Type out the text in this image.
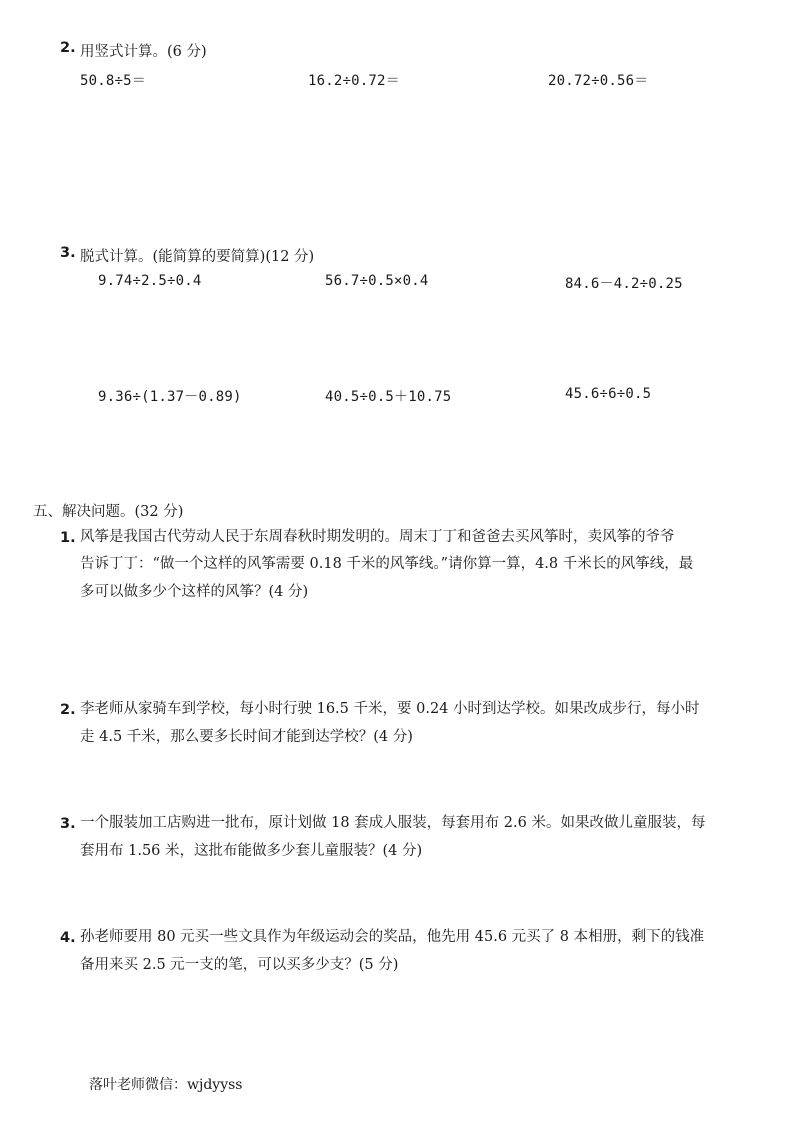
2. 用竖式计算。(6 分)
50.8÷5＝	16.2÷0.72＝	20.72÷0.56＝
3. 脱式计算。(能简算的要简算)(12 分)
9.74÷2.5÷0.4	56.7÷0.5×0.4	84.6－4.2÷0.25
9.36÷(1.37－0.89)	40.5÷0.5＋10.75	45.6÷6÷0.5
五、解决问题。(32 分)
1. 风筝是我国古代劳动人民于东周春秋时期发明的。周末丁丁和爸爸去买风筝时，卖风筝的爷爷
告诉丁丁：“做一个这样的风筝需要 0.18 千米的风筝线。”请你算一算，4.8 千米长的风筝线，最
多可以做多少个这样的风筝？(4 分)
2. 李老师从家骑车到学校，每小时行驶 16.5 千米，要 0.24 小时到达学校。如果改成步行，每小时
走 4.5 千米，那么要多长时间才能到达学校？(4 分)
3. 一个服装加工店购进一批布，原计划做 18 套成人服装，每套用布 2.6 米。如果改做儿童服装，每
套用布 1.56 米，这批布能做多少套儿童服装？(4 分)
4. 孙老师要用 80 元买一些文具作为年级运动会的奖品，他先用 45.6 元买了 8 本相册，剩下的钱准
备用来买 2.5 元一支的笔，可以买多少支？(5 分)
落叶老师微信：wjdyyss
